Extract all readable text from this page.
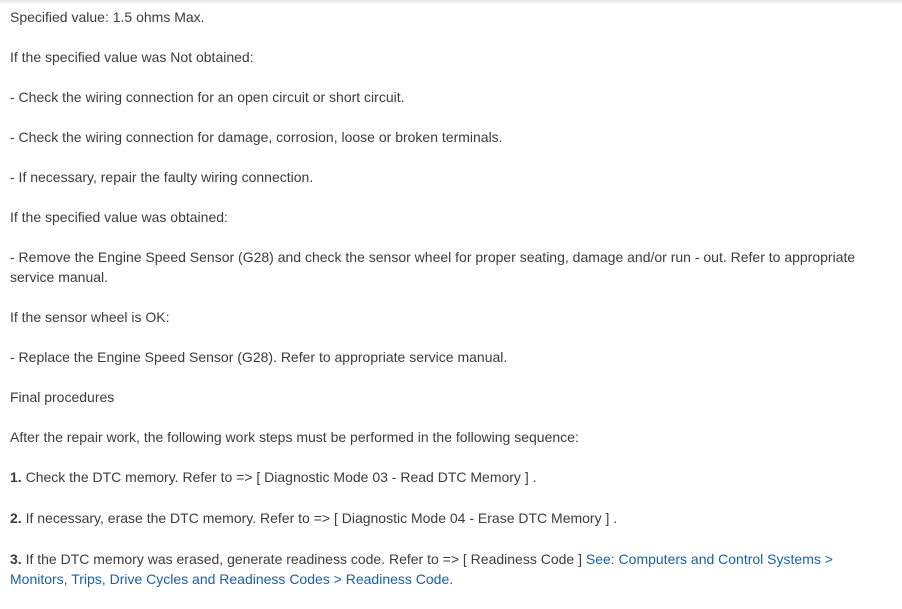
Specified value: 1.5 ohms Max.

If the specified value was Not obtained:

- Check the wiring connection for an open circuit or short circuit.

- Check the wiring connection for damage, corrosion, loose or broken terminals.

- If necessary, repair the faulty wiring connection.

If the specified value was obtained:

- Remove the Engine Speed Sensor (G28) and check the sensor wheel for proper seating, damage and/or run - out. Refer to appropriate service manual.

If the sensor wheel is OK:

- Replace the Engine Speed Sensor (G28). Refer to appropriate service manual.

Final procedures

After the repair work, the following work steps must be performed in the following sequence:

1. Check the DTC memory. Refer to => [ Diagnostic Mode 03 - Read DTC Memory ] .

2. If necessary, erase the DTC memory. Refer to => [ Diagnostic Mode 04 - Erase DTC Memory ] .

3. If the DTC memory was erased, generate readiness code. Refer to => [ Readiness Code ] See: Computers and Control Systems > Monitors, Trips, Drive Cycles and Readiness Codes > Readiness Code.
